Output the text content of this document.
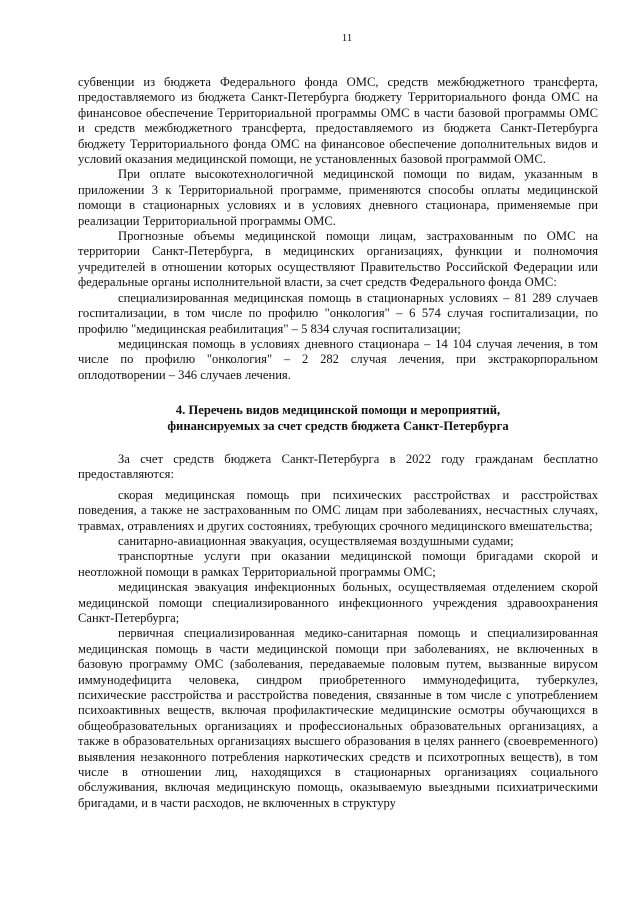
11

субвенции из бюджета Федерального фонда ОМС, средств межбюджетного трансферта, предоставляемого из бюджета Санкт-Петербурга бюджету Территориального фонда ОМС на финансовое обеспечение Территориальной программы ОМС в части базовой программы ОМС и средств межбюджетного трансферта, предоставляемого из бюджета Санкт-Петербурга бюджету Территориального фонда ОМС на финансовое обеспечение дополнительных видов и условий оказания медицинской помощи, не установленных базовой программой ОМС.

При оплате высокотехнологичной медицинской помощи по видам, указанным в приложении 3 к Территориальной программе, применяются способы оплаты медицинской помощи в стационарных условиях и в условиях дневного стационара, применяемые при реализации Территориальной программы ОМС.

Прогнозные объемы медицинской помощи лицам, застрахованным по ОМС на территории Санкт-Петербурга, в медицинских организациях, функции и полномочия учредителей в отношении которых осуществляют Правительство Российской Федерации или федеральные органы исполнительной власти, за счет средств Федерального фонда ОМС:

специализированная медицинская помощь в стационарных условиях – 81 289 случаев госпитализации, в том числе по профилю "онкология" – 6 574 случая госпитализации, по профилю "медицинская реабилитация" – 5 834 случая госпитализации;

медицинская помощь в условиях дневного стационара – 14 104 случая лечения, в том числе по профилю "онкология" – 2 282 случая лечения, при экстракорпоральном оплодотворении – 346 случаев лечения.

4. Перечень видов медицинской помощи и мероприятий,
финансируемых за счет средств бюджета Санкт-Петербурга

За счет средств бюджета Санкт-Петербурга в 2022 году гражданам бесплатно предоставляются:

скорая медицинская помощь при психических расстройствах и расстройствах поведения, а также не застрахованным по ОМС лицам при заболеваниях, несчастных случаях, травмах, отравлениях и других состояниях, требующих срочного медицинского вмешательства;

санитарно-авиационная эвакуация, осуществляемая воздушными судами;

транспортные услуги при оказании медицинской помощи бригадами скорой и неотложной помощи в рамках Территориальной программы ОМС;

медицинская эвакуация инфекционных больных, осуществляемая отделением скорой медицинской помощи специализированного инфекционного учреждения здравоохранения Санкт-Петербурга;

первичная специализированная медико-санитарная помощь и специализированная медицинская помощь в части медицинской помощи при заболеваниях, не включенных в базовую программу ОМС (заболевания, передаваемые половым путем, вызванные вирусом иммунодефицита человека, синдром приобретенного иммунодефицита, туберкулез, психические расстройства и расстройства поведения, связанные в том числе с употреблением психоактивных веществ, включая профилактические медицинские осмотры обучающихся в общеобразовательных организациях и профессиональных образовательных организациях, а также в образовательных организациях высшего образования в целях раннего (своевременного) выявления незаконного потребления наркотических средств и психотропных веществ), в том числе в отношении лиц, находящихся в стационарных организациях социального обслуживания, включая медицинскую помощь, оказываемую выездными психиатрическими бригадами, и в части расходов, не включенных в структуру
